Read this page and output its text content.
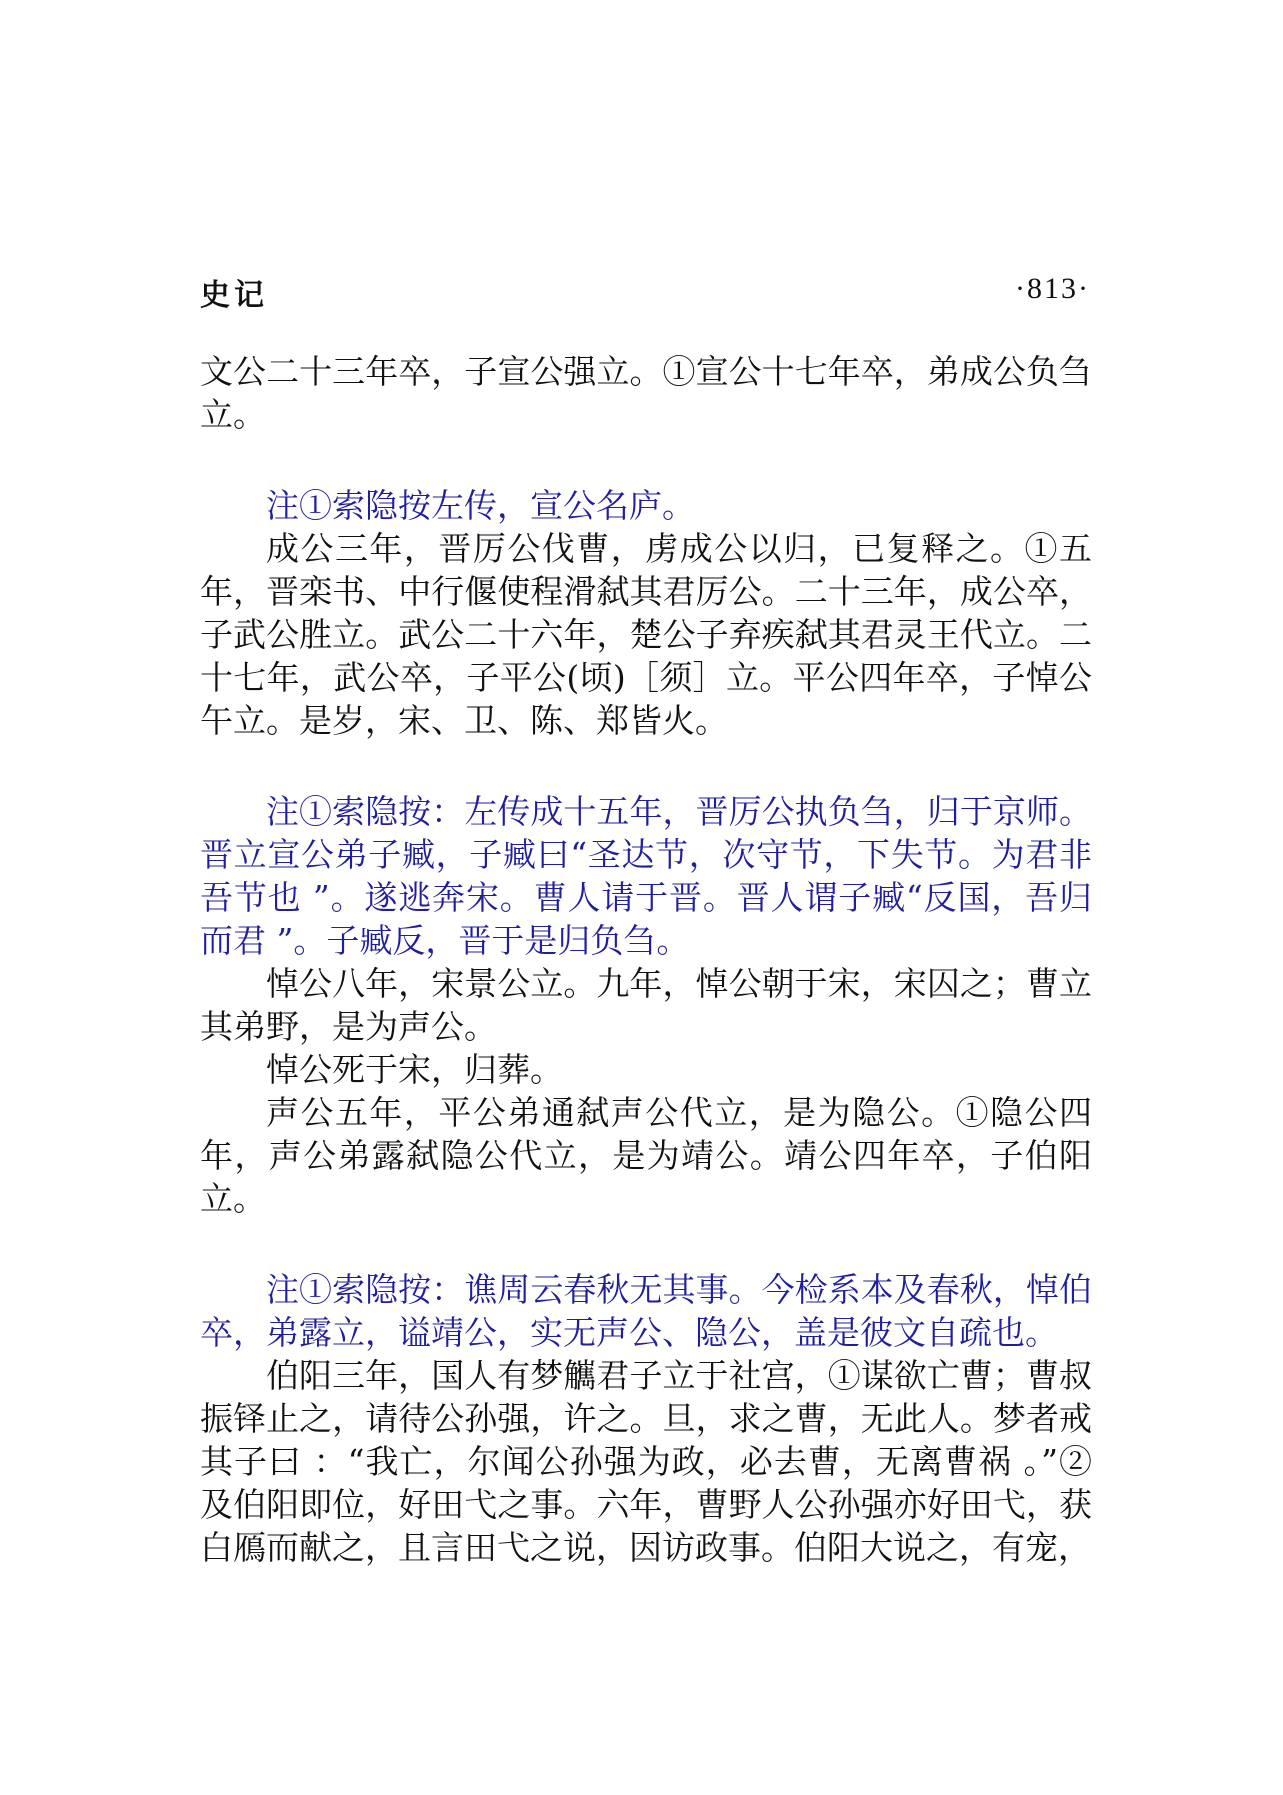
史记	·813·

文公二十三年卒，子宣公强立。①宣公十七年卒，弟成公负刍立。

注①索隐按左传，宣公名庐。

成公三年，晋厉公伐曹，虏成公以归，已复释之。①五年，晋栾书、中行偃使程滑弑其君厉公。二十三年，成公卒，子武公胜立。武公二十六年，楚公子弃疾弑其君灵王代立。二十七年，武公卒，子平公(顷)［须］立。平公四年卒，子悼公午立。是岁，宋、卫、陈、郑皆火。

注①索隐按：左传成十五年，晋厉公执负刍，归于京师。晋立宣公弟子臧，子臧曰“圣达节，次守节，下失节。为君非吾节也 ”。遂逃奔宋。曹人请于晋。晋人谓子臧“反国，吾归而君 ”。子臧反，晋于是归负刍。

悼公八年，宋景公立。九年，悼公朝于宋，宋囚之；曹立其弟野，是为声公。

悼公死于宋，归葬。

声公五年，平公弟通弑声公代立，是为隐公。①隐公四年，声公弟露弑隐公代立，是为靖公。靖公四年卒，子伯阳立。

注①索隐按：谯周云春秋无其事。今检系本及春秋，悼伯卒，弟露立，谥靖公，实无声公、隐公，盖是彼文自疏也。

伯阳三年，国人有梦觽君子立于社宫，①谋欲亡曹；曹叔振铎止之，请待公孙强，许之。旦，求之曹，无此人。梦者戒其子曰 ：“我亡，尔闻公孙强为政，必去曹，无离曹祸 。”②及伯阳即位，好田弋之事。六年，曹野人公孙强亦好田弋，获白鴈而献之，且言田弋之说，因访政事。伯阳大说之，有宠，
